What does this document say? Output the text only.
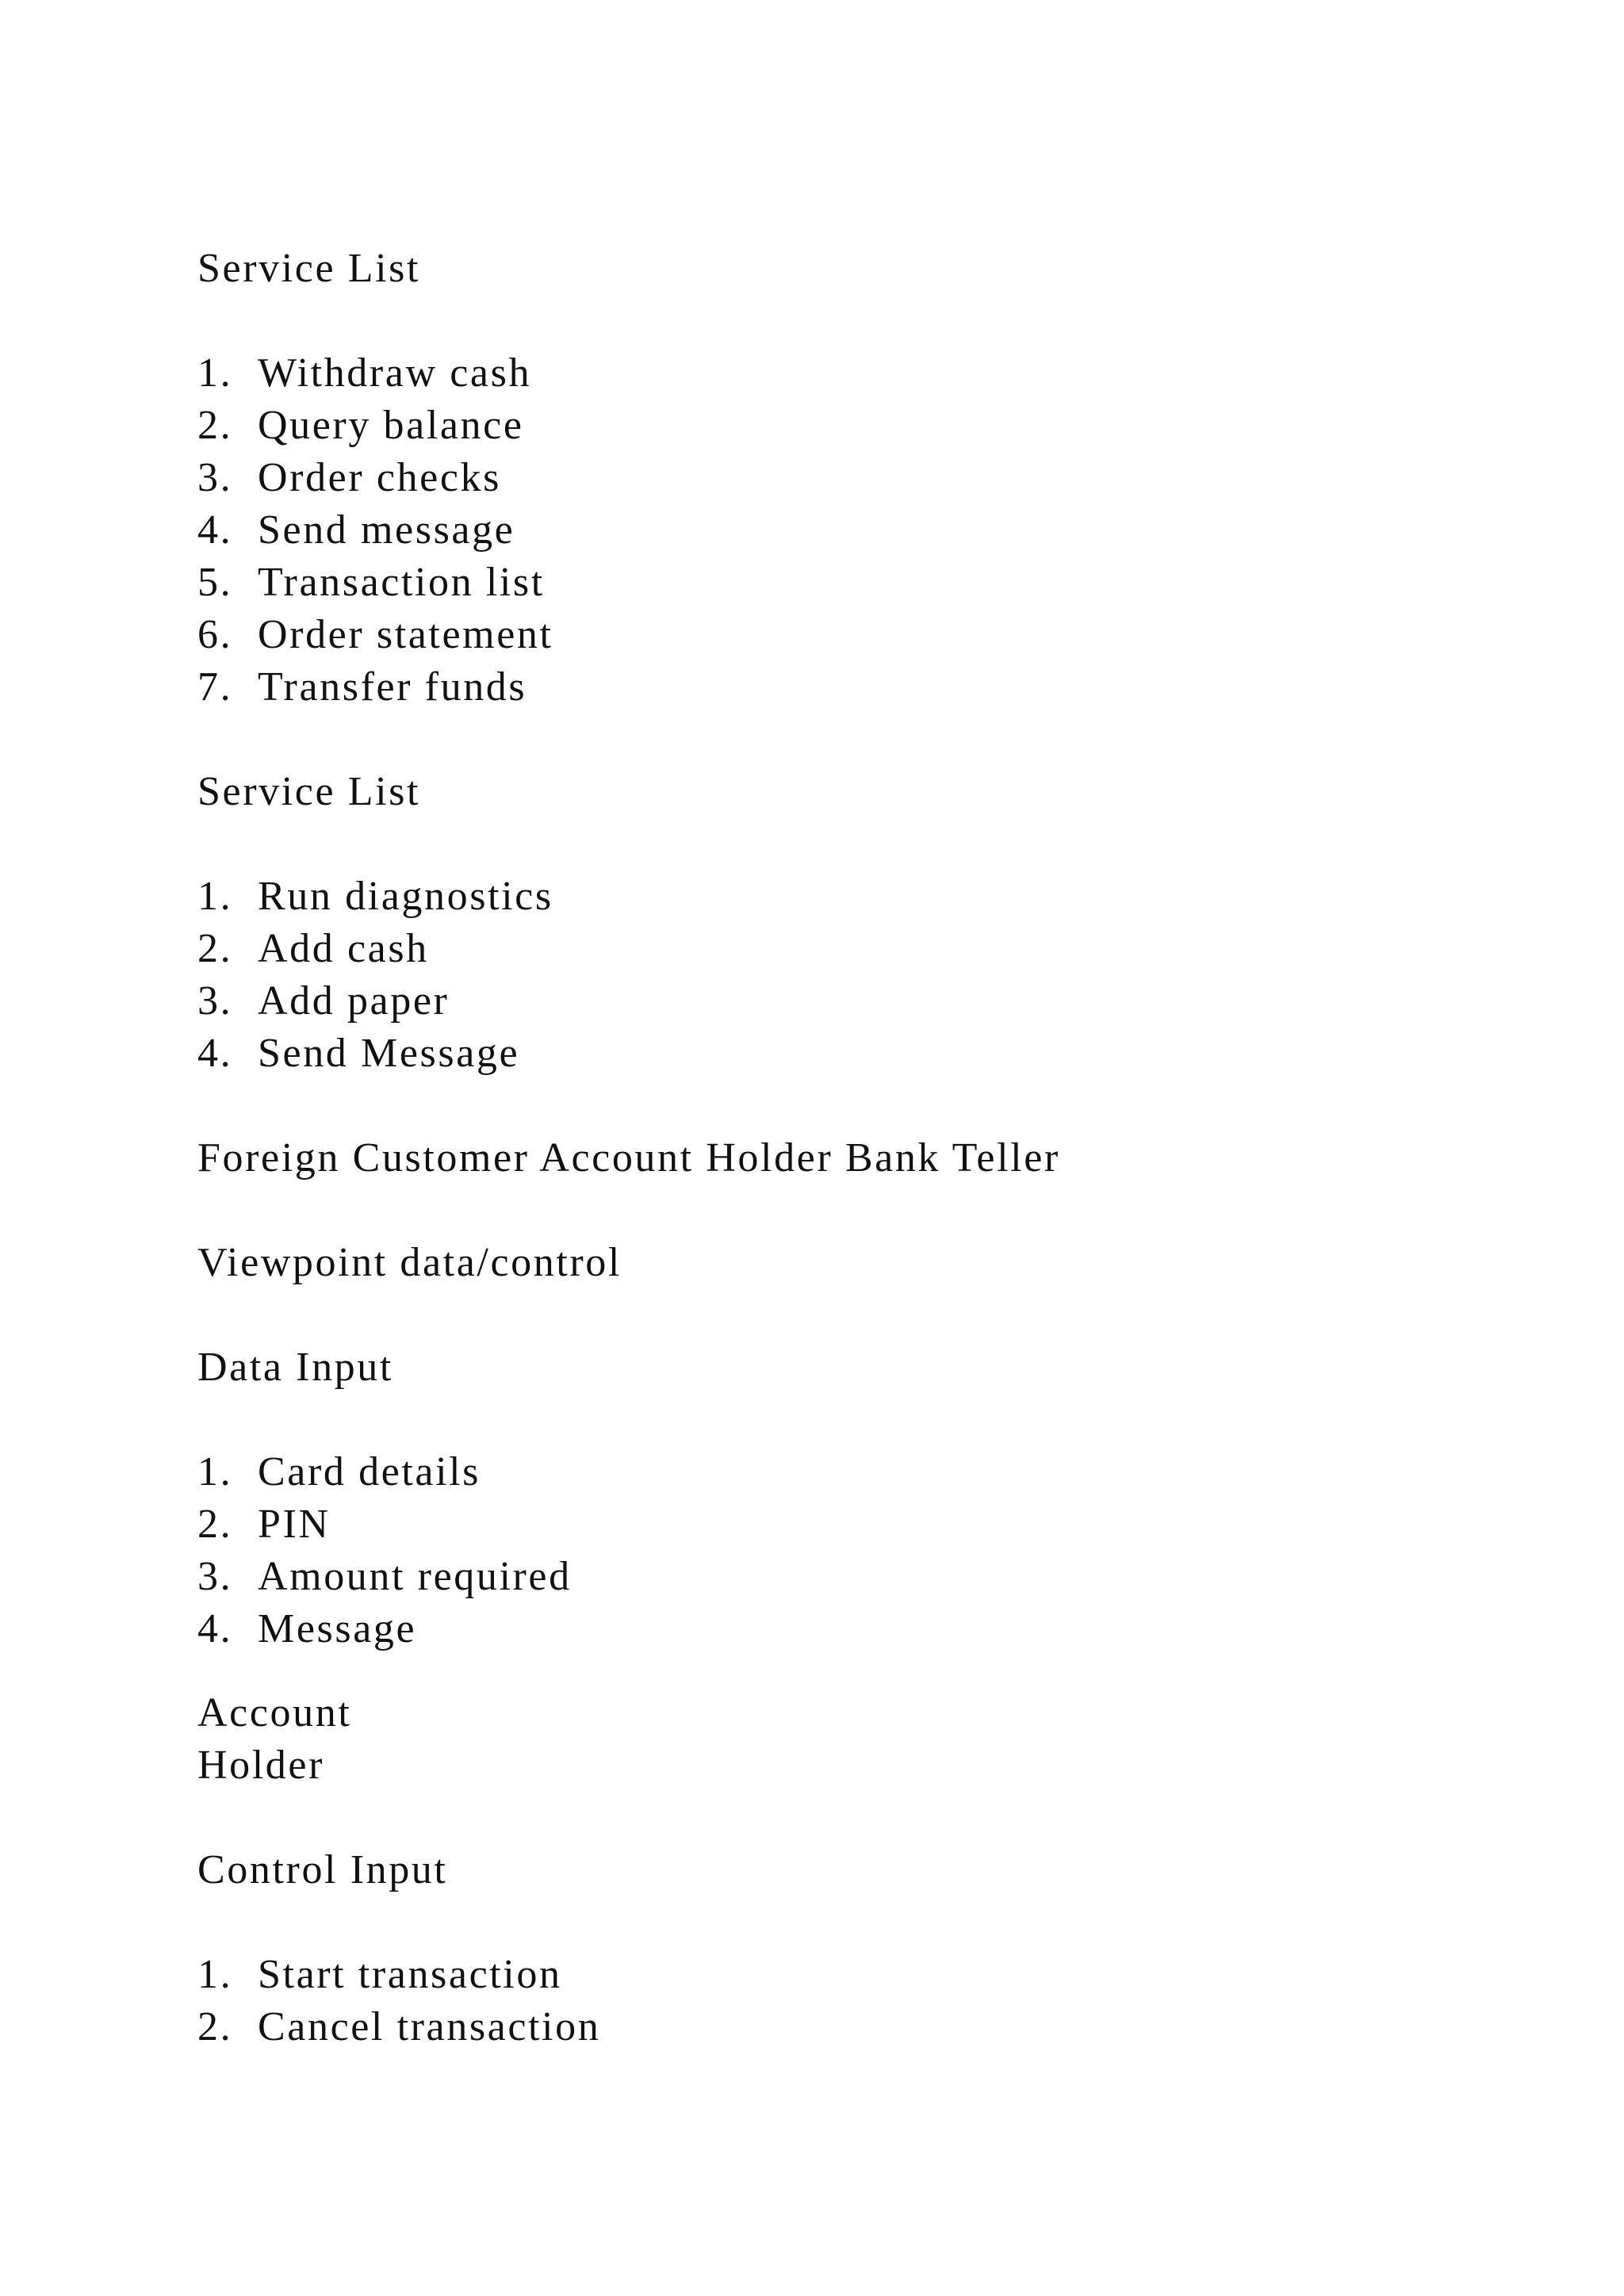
Service List
1. Withdraw cash
2. Query balance
3. Order checks
4. Send message
5. Transaction list
6. Order statement
7. Transfer funds
Service List
1. Run diagnostics
2. Add cash
3. Add paper
4. Send Message
Foreign Customer Account Holder Bank Teller
Viewpoint data/control
Data Input
1. Card details
2. PIN
3. Amount required
4. Message
Account
Holder
Control Input
1. Start transaction
2. Cancel transaction
